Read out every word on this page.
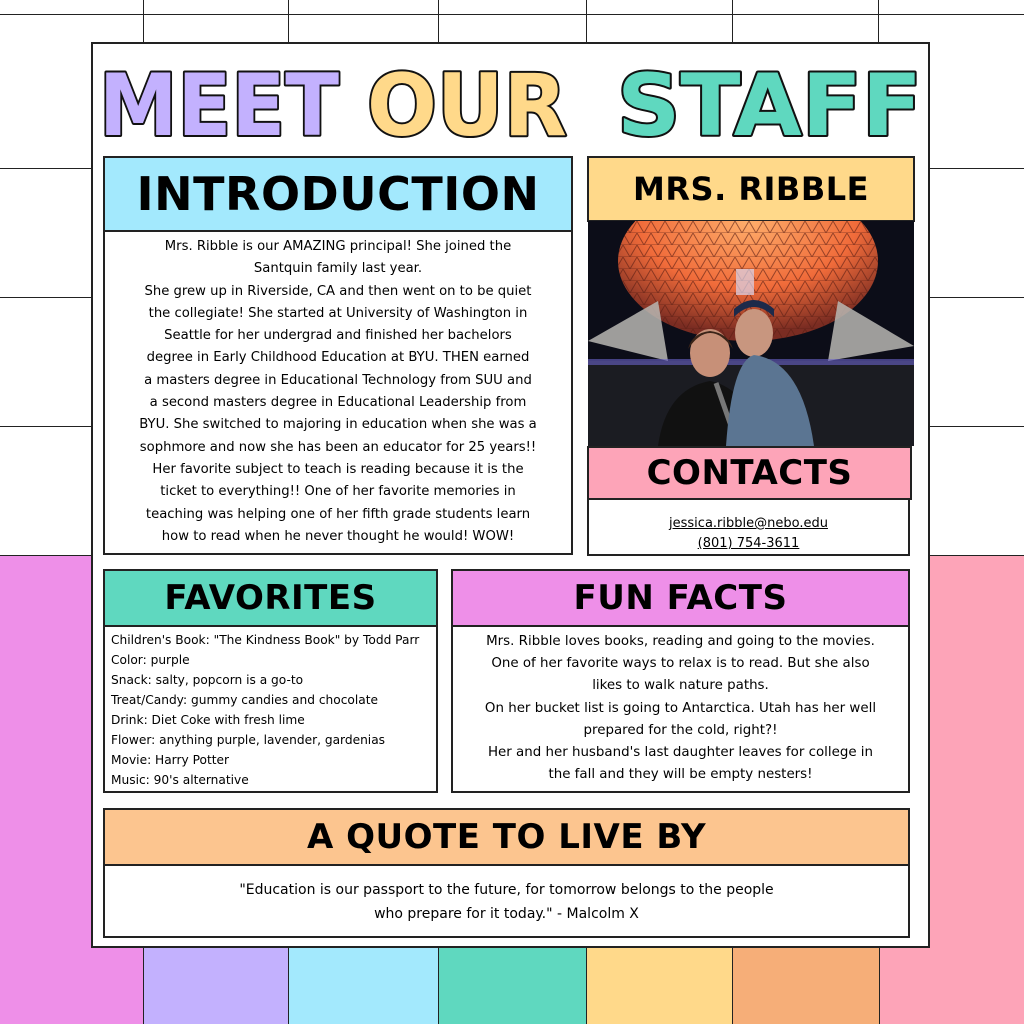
MEET OUR STAFF
INTRODUCTION
Mrs. Ribble is our AMAZING principal! She joined the
Santquin family last year.
She grew up in Riverside, CA and then went on to be quiet
the collegiate! She started at University of Washington in
Seattle for her undergrad and finished her bachelors
degree in Early Childhood Education at BYU. THEN earned
a masters degree in Educational Technology from SUU and
a second masters degree in Educational Leadership from
BYU. She switched to majoring in education when she was a
sophmore and now she has been an educator for 25 years!!
Her favorite subject to teach is reading because it is the
ticket to everything!! One of her favorite memories in
teaching was helping one of her fifth grade students learn
how to read when he never thought he would! WOW!
MRS. RIBBLE
CONTACTS
jessica.ribble@nebo.edu
(801) 754-3611
FAVORITES
Children's Book: "The Kindness Book" by Todd Parr
Color: purple
Snack: salty, popcorn is a go-to
Treat/Candy: gummy candies and chocolate
Drink: Diet Coke with fresh lime
Flower: anything purple, lavender, gardenias
Movie: Harry Potter
Music: 90's alternative
FUN FACTS
Mrs. Ribble loves books, reading and going to the movies.
One of her favorite ways to relax is to read. But she also
likes to walk nature paths.
On her bucket list is going to Antarctica. Utah has her well
prepared for the cold, right?!
Her and her husband's last daughter leaves for college in
the fall and they will be empty nesters!
A QUOTE TO LIVE BY
"Education is our passport to the future, for tomorrow belongs to the people
who prepare for it today." - Malcolm X
